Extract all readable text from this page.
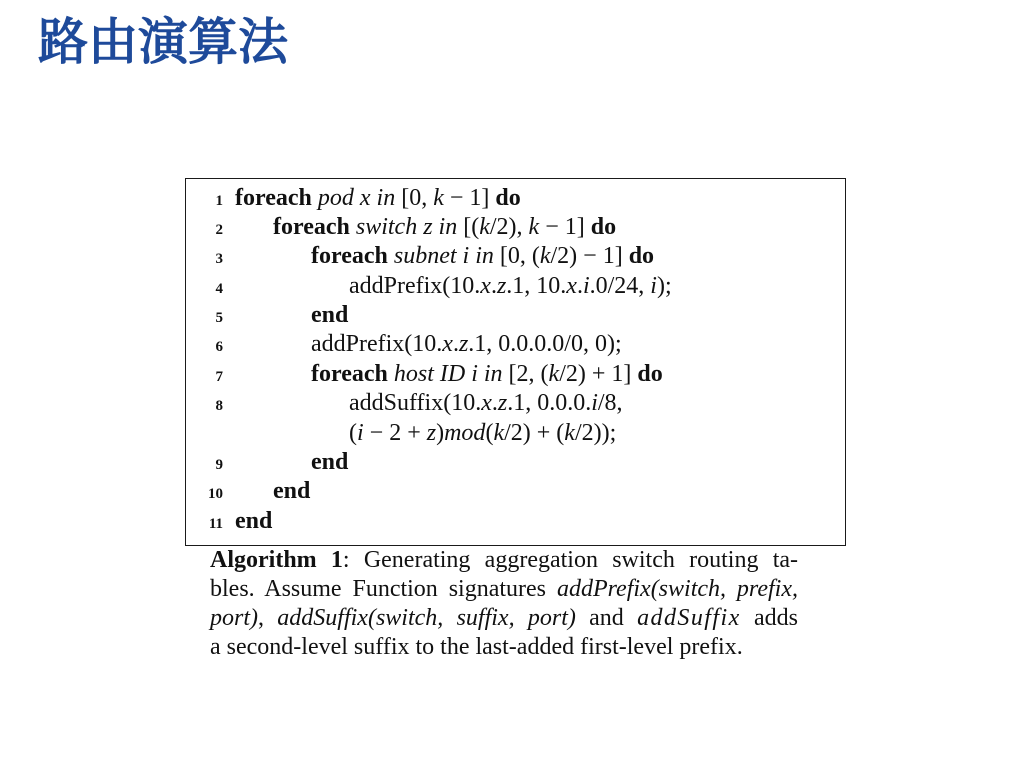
路由演算法
1 foreach pod x in [0, k − 1] do
2 foreach switch z in [(k/2), k − 1] do
3	foreach subnet i in [0, (k/2) − 1] do
4	addPrefix(10.x.z.1, 10.x.i.0/24, i);
5	end
6	addPrefix(10.x.z.1, 0.0.0.0/0, 0);
7	foreach host ID i in [2, (k/2) + 1] do
8	addSuffix(10.x.z.1, 0.0.0.i/8,
(i − 2 + z)mod(k/2) + (k/2));
9	end
10 end
11 end
Algorithm 1: Generating aggregation switch routing ta-
bles. Assume Function signatures addPrefix(switch, prefix,
port), addSuffix(switch, suffix, port) and addSuffix adds
a second-level suffix to the last-added first-level prefix.
